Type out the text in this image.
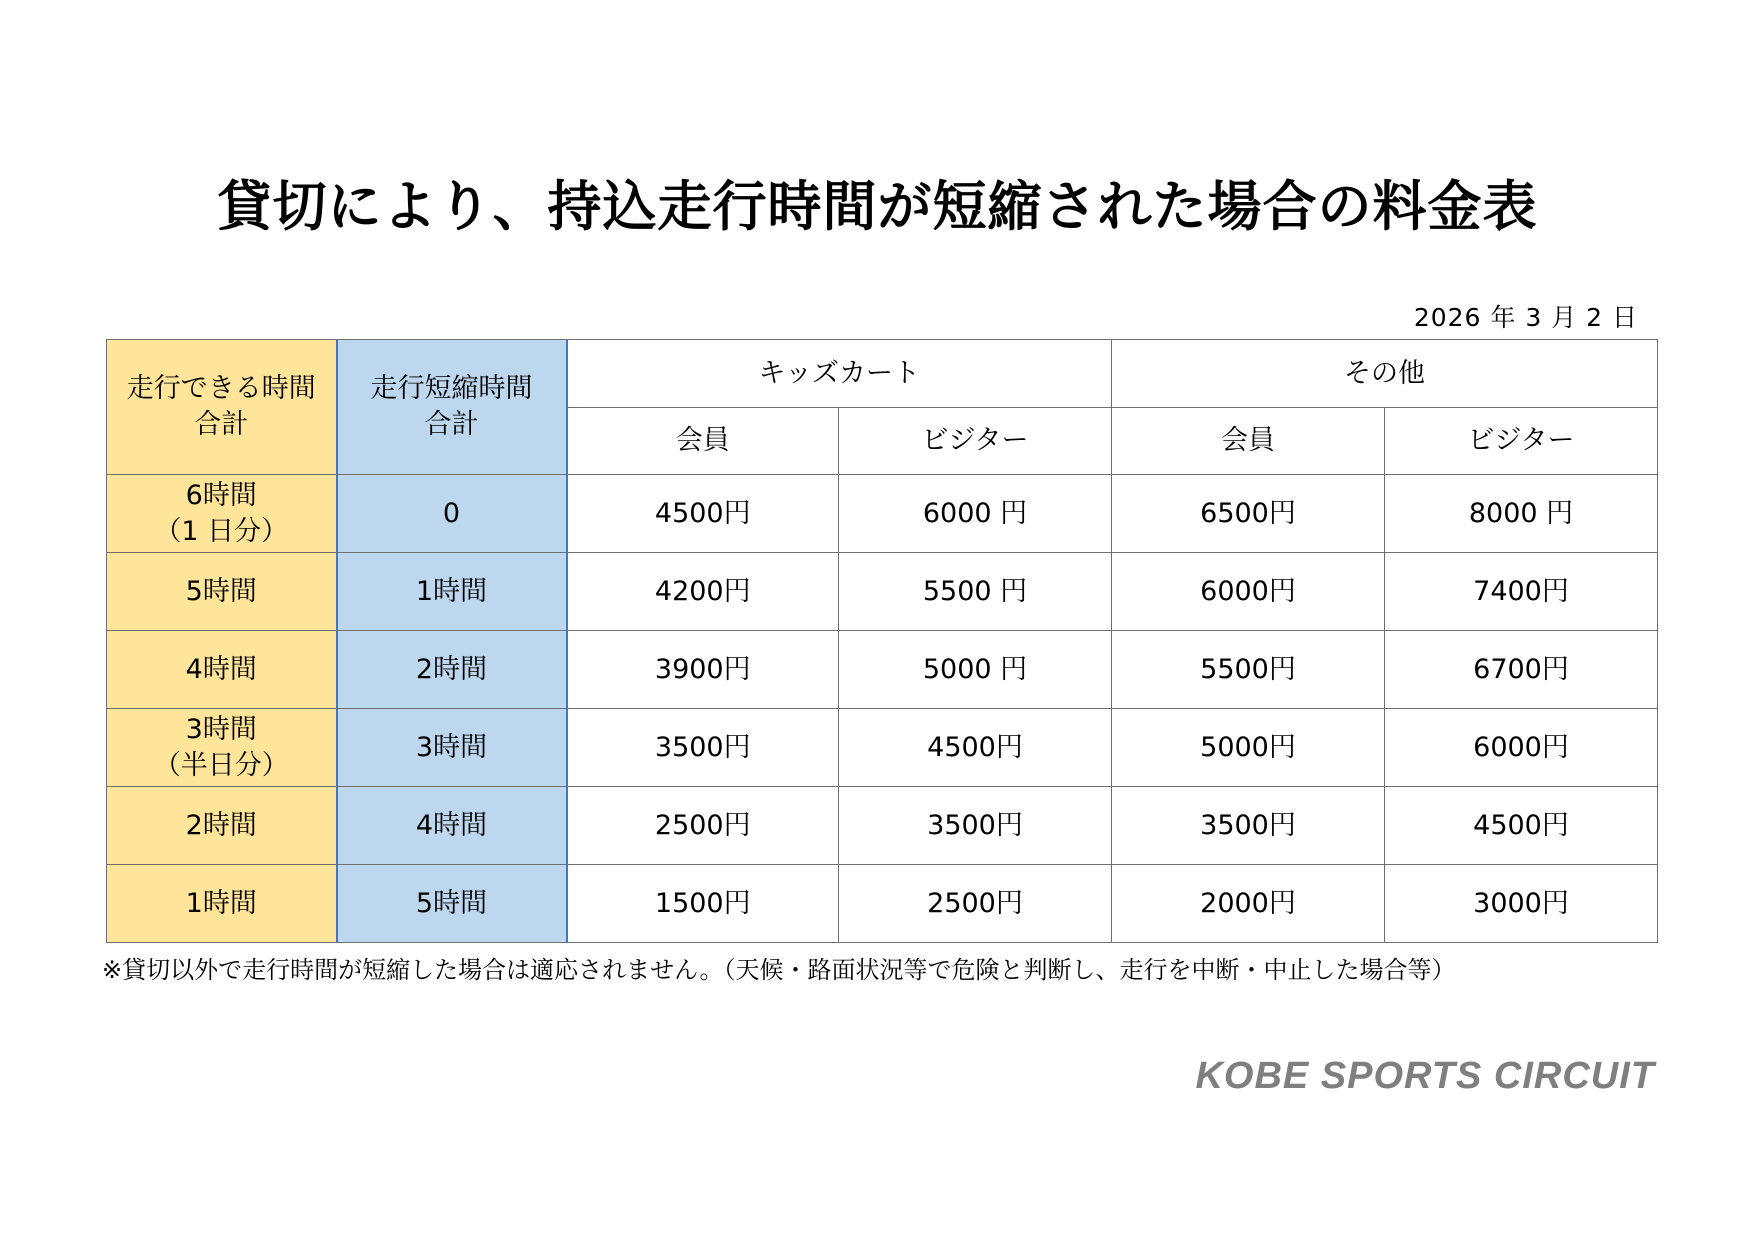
貸切により、持込走行時間が短縮された場合の料金表
2026 年 3 月 2 日
走行できる時間
合計	走行短縮時間
合計	キッズカート		その他	
		会員	ビジター	会員	ビジター

6時間
（1 日分）	0	4500円	6000 円	6500円	8000 円

5時間	1時間	4200円	5500 円	6000円	7400円

4時間	2時間	3900円	5000 円	5500円	6700円

3時間
（半日分）	3時間	3500円	4500円	5000円	6000円

2時間	4時間	2500円	3500円	3500円	4500円

1時間	5時間	1500円	2500円	2000円	3000円
※貸切以外で走行時間が短縮した場合は適応されません。（天候・路面状況等で危険と判断し、走行を中断・中止した場合等）
KOBE SPORTS CIRCUIT
